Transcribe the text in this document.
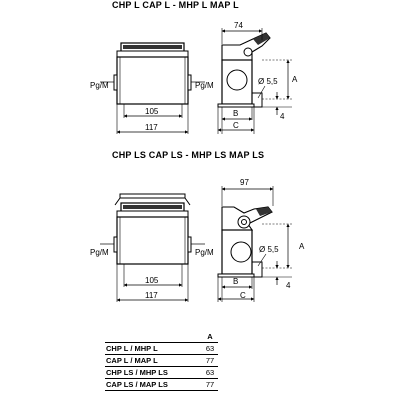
CHP L CAP L - MHP L MAP L
CHP LS CAP LS - MHP LS MAP LS
Pg/M	Pg/M
105
117
74
Ø 5,5 A
4
B
C
Pg/M	Pg/M
105
117
97
Ø 5,5	A
4
B
C
	A
CHP L / MHP L	63
CAP L / MAP L	77
CHP LS / MHP LS	63
CAP LS / MAP LS	77
